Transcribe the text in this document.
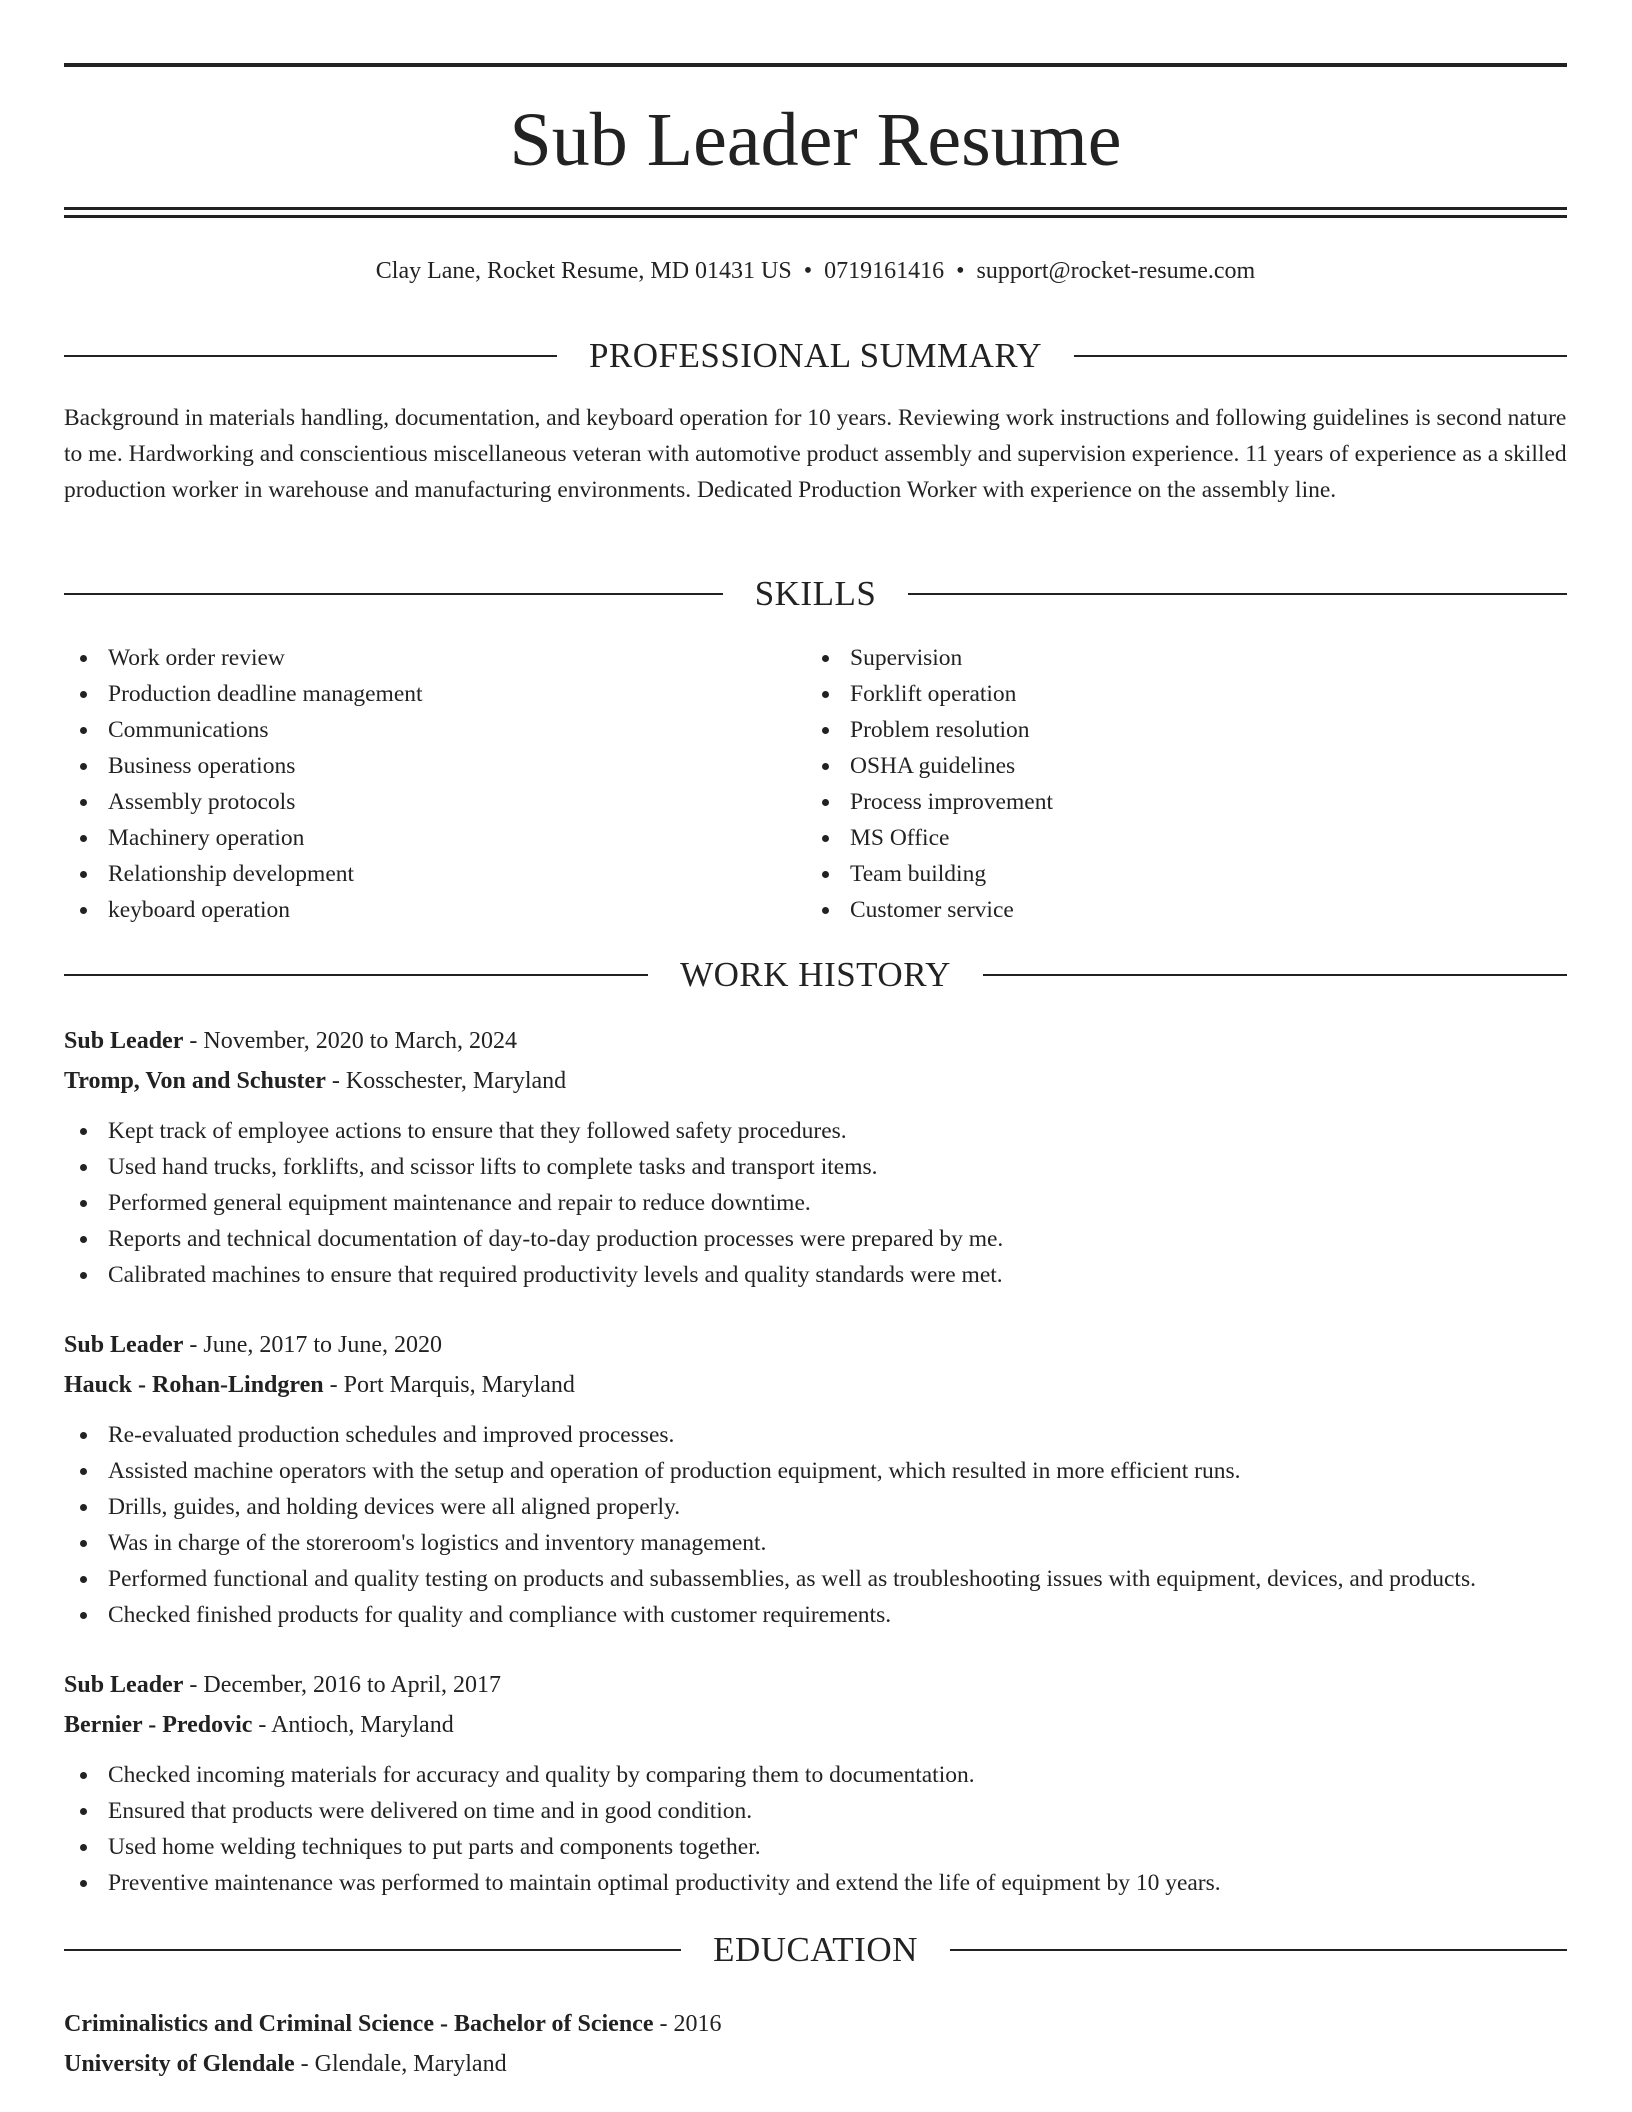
Sub Leader Resume
Clay Lane, Rocket Resume, MD 01431 US • 0719161416 • support@rocket-resume.com
PROFESSIONAL SUMMARY

Background in materials handling, documentation, and keyboard operation for 10 years. Reviewing work instructions and following guidelines is second nature to me. Hardworking and conscientious miscellaneous veteran with automotive product assembly and supervision experience. 11 years of experience as a skilled production worker in warehouse and manufacturing environments. Dedicated Production Worker with experience on the assembly line.

SKILLS
Work order review
Production deadline management
Communications
Business operations
Assembly protocols
Machinery operation
Relationship development
keyboard operation
Supervision
Forklift operation
Problem resolution
OSHA guidelines
Process improvement
MS Office
Team building
Customer service
WORK HISTORY
Sub Leader - November, 2020 to March, 2024
Tromp, Von and Schuster - Kosschester, Maryland
Kept track of employee actions to ensure that they followed safety procedures.
Used hand trucks, forklifts, and scissor lifts to complete tasks and transport items.
Performed general equipment maintenance and repair to reduce downtime.
Reports and technical documentation of day-to-day production processes were prepared by me.
Calibrated machines to ensure that required productivity levels and quality standards were met.
Sub Leader - June, 2017 to June, 2020
Hauck - Rohan-Lindgren - Port Marquis, Maryland
Re-evaluated production schedules and improved processes.
Assisted machine operators with the setup and operation of production equipment, which resulted in more efficient runs.
Drills, guides, and holding devices were all aligned properly.
Was in charge of the storeroom's logistics and inventory management.
Performed functional and quality testing on products and subassemblies, as well as troubleshooting issues with equipment, devices, and products.
Checked finished products for quality and compliance with customer requirements.
Sub Leader - December, 2016 to April, 2017
Bernier - Predovic - Antioch, Maryland
Checked incoming materials for accuracy and quality by comparing them to documentation.
Ensured that products were delivered on time and in good condition.
Used home welding techniques to put parts and components together.
Preventive maintenance was performed to maintain optimal productivity and extend the life of equipment by 10 years.
EDUCATION
Criminalistics and Criminal Science - Bachelor of Science - 2016
University of Glendale - Glendale, Maryland
